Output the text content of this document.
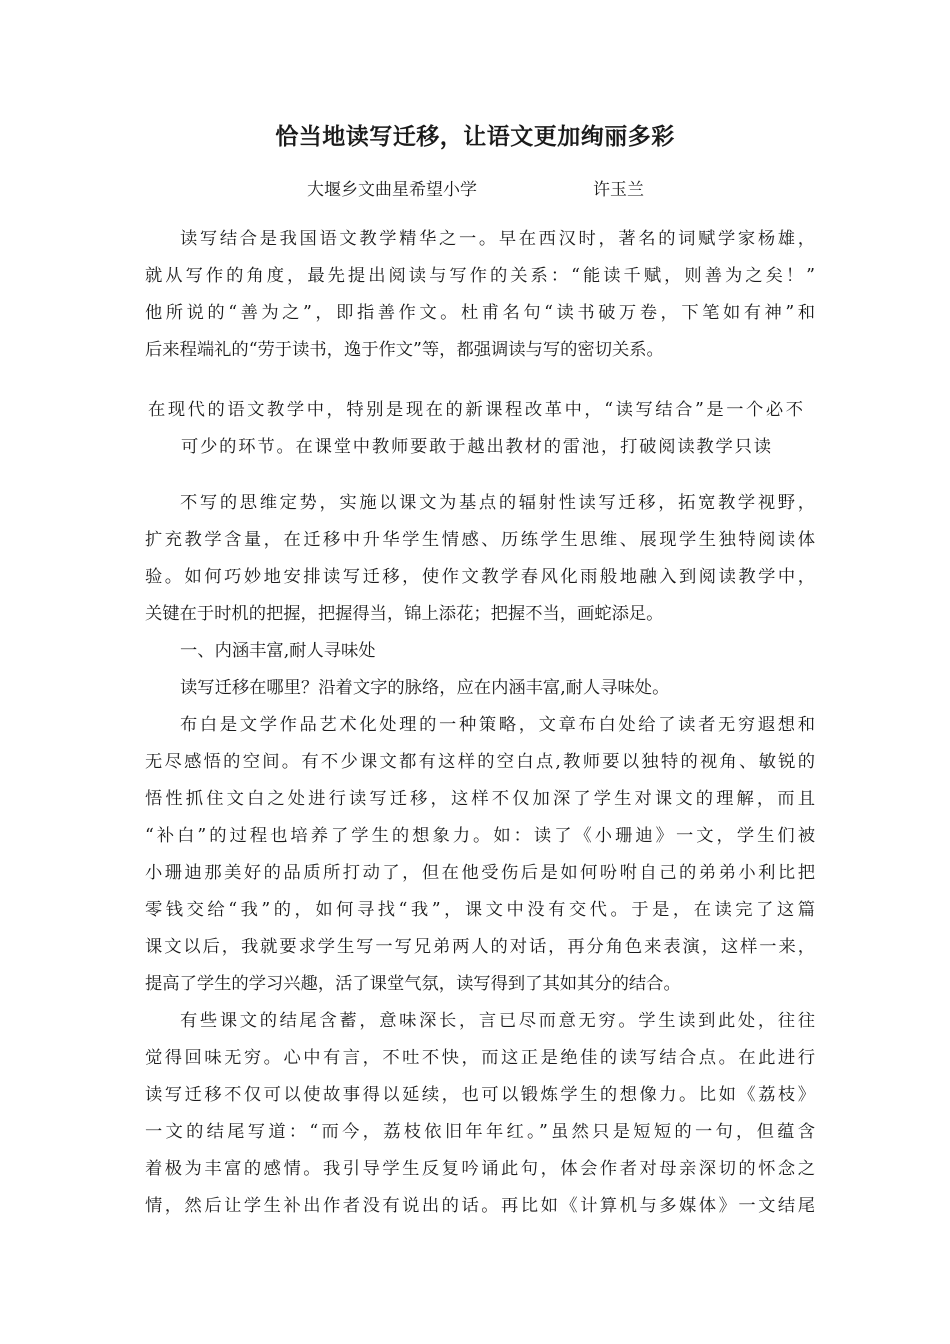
恰当地读写迁移，让语文更加绚丽多彩
大堰乡文曲星希望小学	许玉兰

读写结合是我国语文教学精华之一。早在西汉时，著名的词赋学家杨雄，

就从写作的角度，最先提出阅读与写作的关系：“能读千赋，则善为之矣！”

他所说的“善为之”，即指善作文。杜甫名句“读书破万卷，下笔如有神”和

后来程端礼的“劳于读书，逸于作文”等，都强调读与写的密切关系。

在现代的语文教学中，特别是现在的新课程改革中，“读写结合”是一个必不

可少的环节。在课堂中教师要敢于越出教材的雷池，打破阅读教学只读

不写的思维定势，实施以课文为基点的辐射性读写迁移，拓宽教学视野，

扩充教学含量，在迁移中升华学生情感、历练学生思维、展现学生独特阅读体

验。如何巧妙地安排读写迁移，使作文教学春风化雨般地融入到阅读教学中，

关键在于时机的把握，把握得当，锦上添花；把握不当，画蛇添足。

一、内涵丰富,耐人寻味处

读写迁移在哪里？沿着文字的脉络，应在内涵丰富,耐人寻味处。

布白是文学作品艺术化处理的一种策略，文章布白处给了读者无穷遐想和

无尽感悟的空间。有不少课文都有这样的空白点,教师要以独特的视角、敏锐的

悟性抓住文白之处进行读写迁移，这样不仅加深了学生对课文的理解，而且

“补白”的过程也培养了学生的想象力。如：读了《小珊迪》一文，学生们被

小珊迪那美好的品质所打动了，但在他受伤后是如何吩咐自己的弟弟小利比把

零钱交给“我”的，如何寻找“我”，课文中没有交代。于是，在读完了这篇

课文以后，我就要求学生写一写兄弟两人的对话，再分角色来表演，这样一来，

提高了学生的学习兴趣，活了课堂气氛，读写得到了其如其分的结合。

有些课文的结尾含蓄，意味深长，言已尽而意无穷。学生读到此处，往往

觉得回味无穷。心中有言，不吐不快，而这正是绝佳的读写结合点。在此进行

读写迁移不仅可以使故事得以延续，也可以锻炼学生的想像力。比如《荔枝》

一文的结尾写道：“而今，荔枝依旧年年红。”虽然只是短短的一句，但蕴含

着极为丰富的感情。我引导学生反复吟诵此句，体会作者对母亲深切的怀念之

情，然后让学生补出作者没有说出的话。再比如《计算机与多媒体》一文结尾
